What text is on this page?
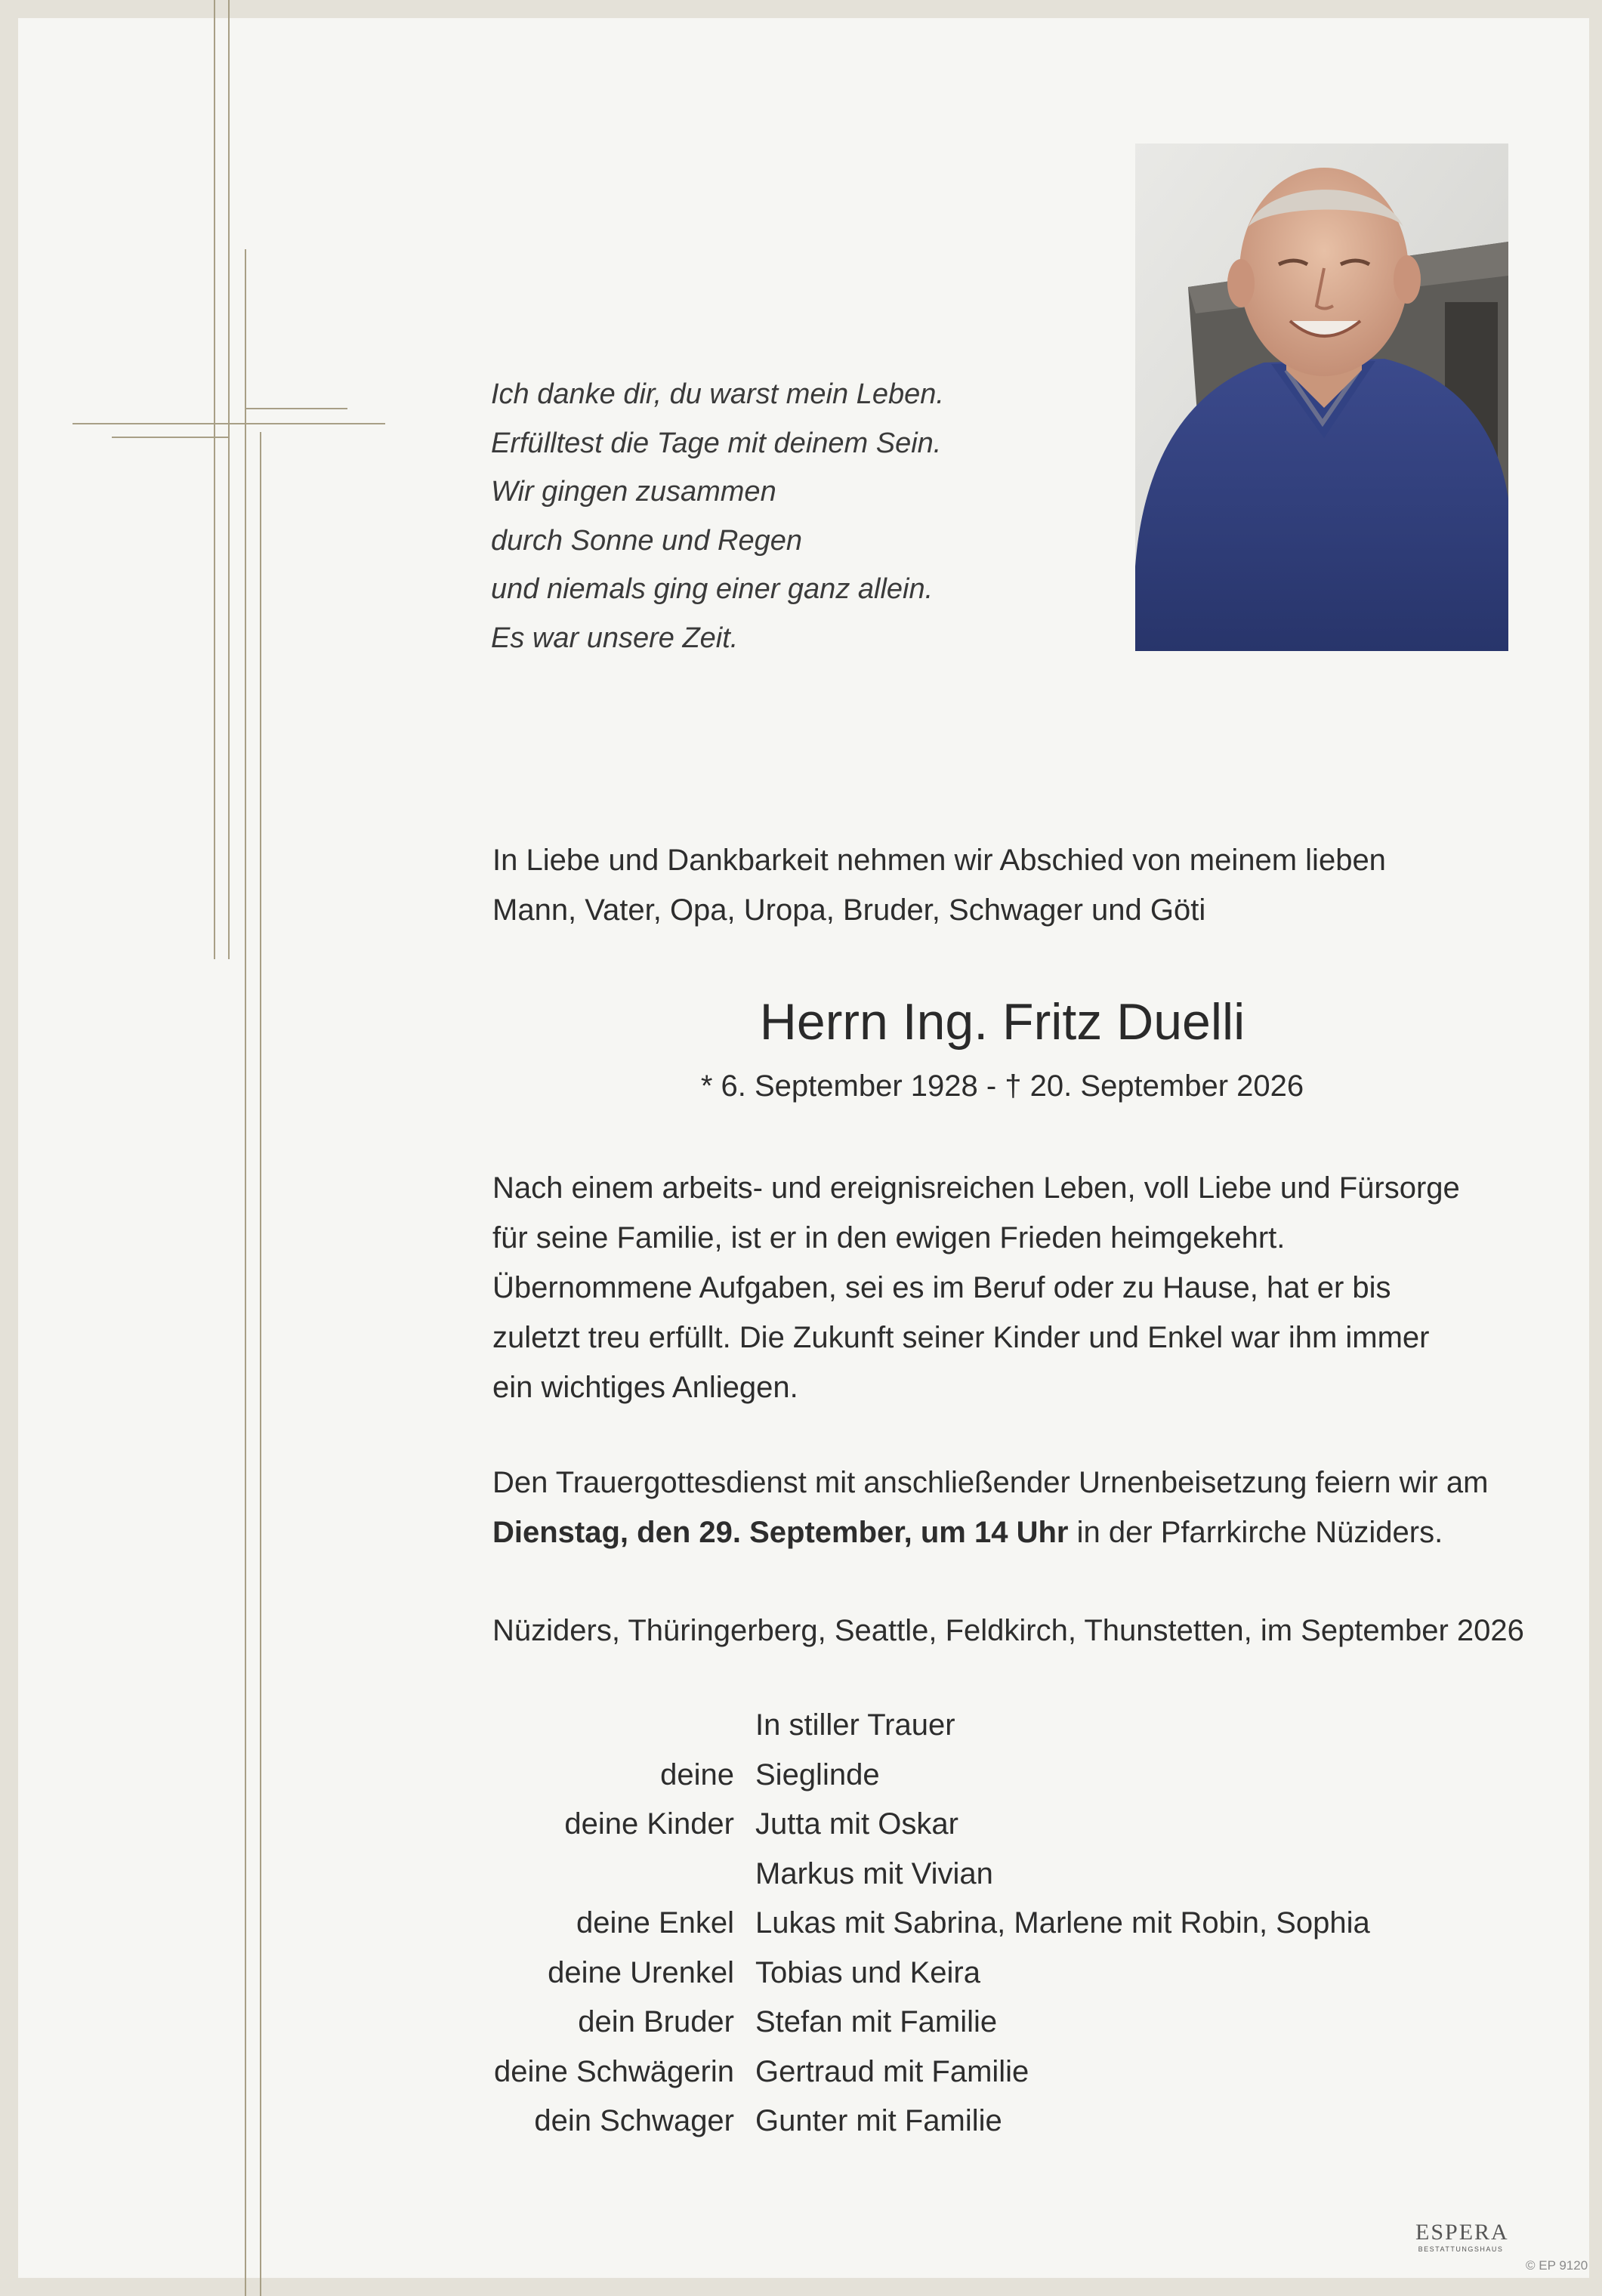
Ich danke dir, du warst mein Leben.
Erfülltest die Tage mit deinem Sein.
Wir gingen zusammen
durch Sonne und Regen
und niemals ging einer ganz allein.
Es war unsere Zeit.
In Liebe und Dankbarkeit nehmen wir Abschied von meinem lieben
Mann, Vater, Opa, Uropa, Bruder, Schwager und Göti
Herrn Ing. Fritz Duelli
* 6. September 1928 - † 20. September 2026
Nach einem arbeits- und ereignisreichen Leben, voll Liebe und Fürsorge
für seine Familie, ist er in den ewigen Frieden heimgekehrt.
Übernommene Aufgaben, sei es im Beruf oder zu Hause, hat er bis
zuletzt treu erfüllt. Die Zukunft seiner Kinder und Enkel war ihm immer
ein wichtiges Anliegen.
Den Trauergottesdienst mit anschließender Urnenbeisetzung feiern wir am
Dienstag, den 29. September, um 14 Uhr in der Pfarrkirche Nüziders.
Nüziders, Thüringerberg, Seattle, Feldkirch, Thunstetten, im September 2026
In stiller Trauer
deine Sieglinde
deine Kinder Jutta mit Oskar
Markus mit Vivian
deine Enkel Lukas mit Sabrina, Marlene mit Robin, Sophia
deine Urenkel Tobias und Keira
dein Bruder Stefan mit Familie
deine Schwägerin Gertraud mit Familie
dein Schwager Gunter mit Familie
ESPERA
BESTATTUNGSHAUS
© EP 9120
